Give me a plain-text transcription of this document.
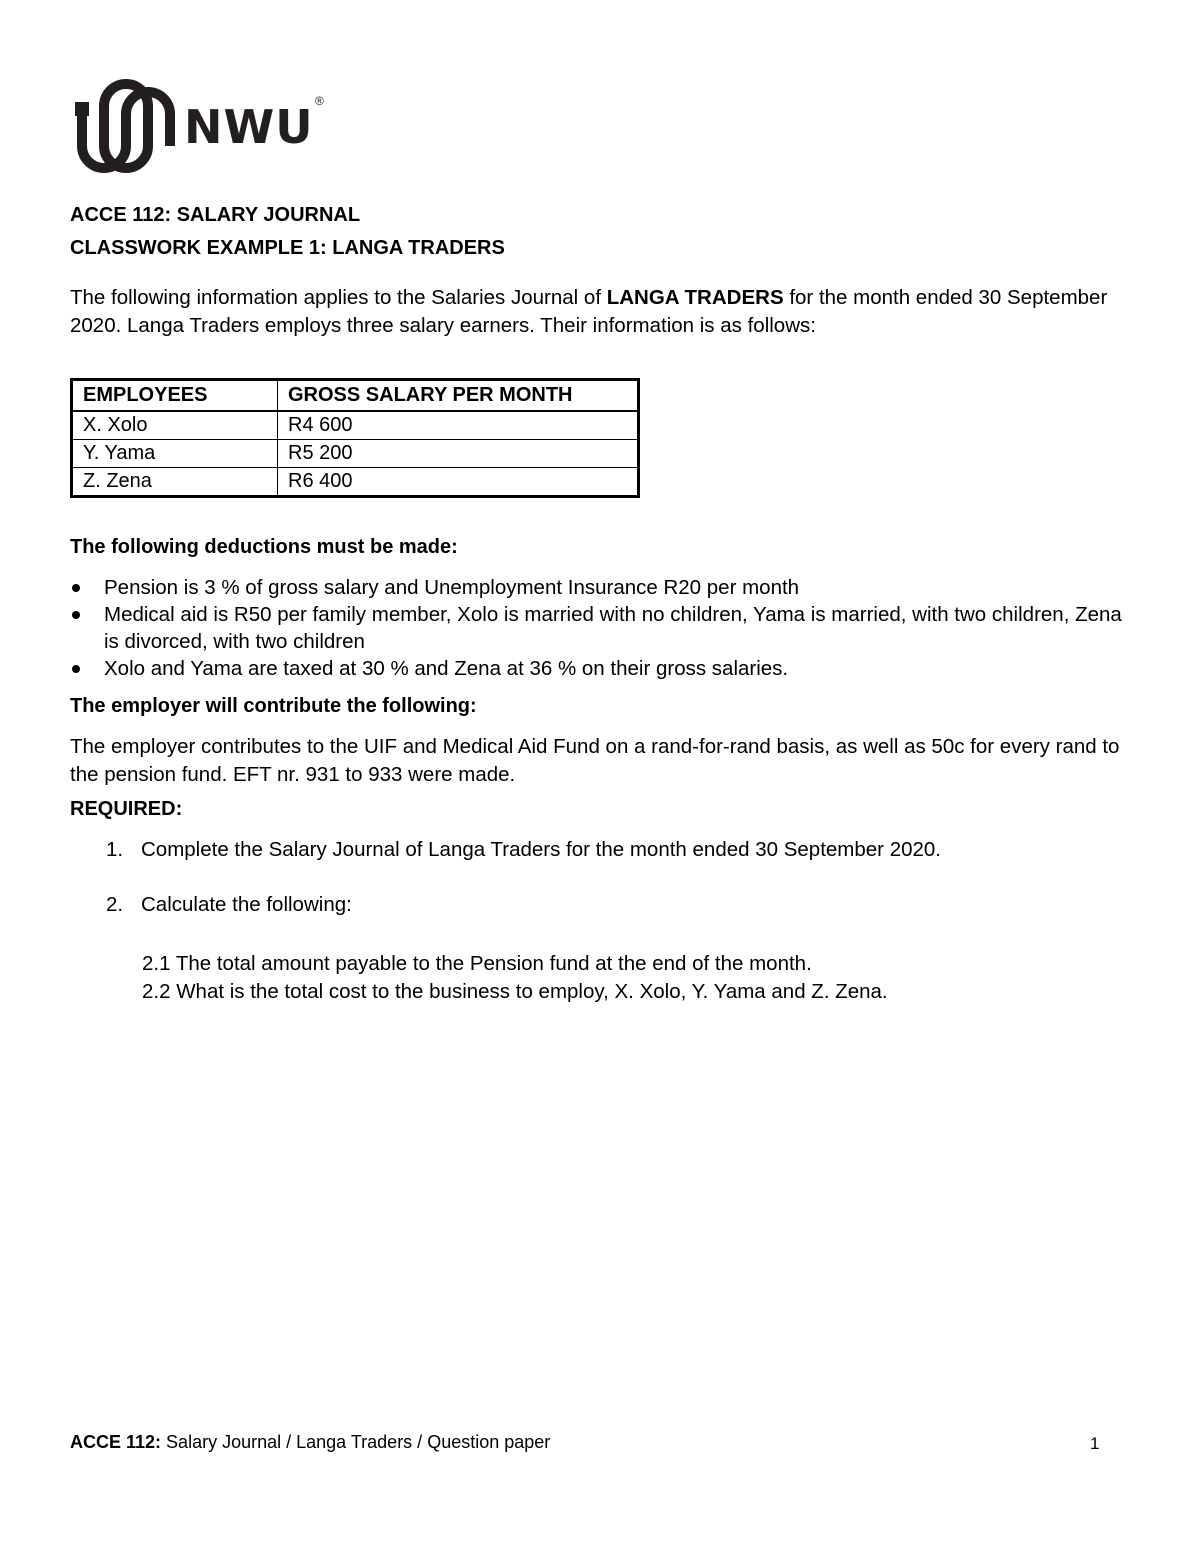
NWU ®
ACCE 112: SALARY JOURNAL
CLASSWORK EXAMPLE 1: LANGA TRADERS
The following information applies to the Salaries Journal of LANGA TRADERS for the month ended 30 September 2020. Langa Traders employs three salary earners. Their information is as follows:
EMPLOYEES	GROSS SALARY PER MONTH
X. Xolo	R4 600
Y. Yama	R5 200
Z. Zena	R6 400
The following deductions must be made:
Pension is 3 % of gross salary and Unemployment Insurance R20 per month
Medical aid is R50 per family member, Xolo is married with no children, Yama is married, with two children, Zena is divorced, with two children
Xolo and Yama are taxed at 30 % and Zena at 36 % on their gross salaries.
The employer will contribute the following:
The employer contributes to the UIF and Medical Aid Fund on a rand-for-rand basis, as well as 50c for every rand to the pension fund. EFT nr. 931 to 933 were made.
REQUIRED:
1. Complete the Salary Journal of Langa Traders for the month ended 30 September 2020.
2. Calculate the following:
2.1 The total amount payable to the Pension fund at the end of the month.
2.2 What is the total cost to the business to employ, X. Xolo, Y. Yama and Z. Zena.
ACCE 112: Salary Journal / Langa Traders / Question paper	1
